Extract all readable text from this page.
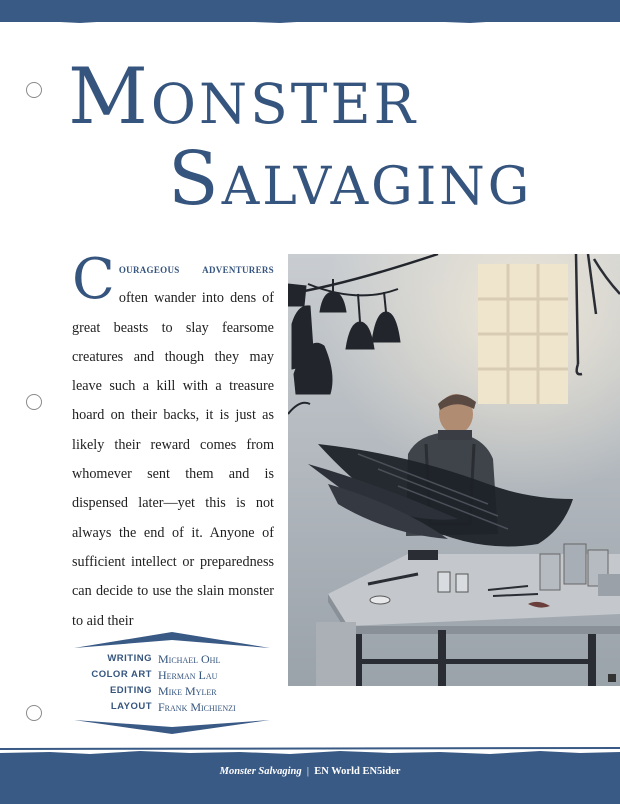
Monster
Salvaging
C ourageous adventurers often wander into dens of great beasts to slay fearsome creatures and though they may leave such a kill with a treasure hoard on their backs, it is just as likely their reward comes from whomever sent them and is dispensed later—yet this is not always the end of it. Anyone of sufficient intellect or preparedness can decide to use the slain monster to aid their
WRITING Michael Ohl
COLOR ART Herman Lau
EDITING Mike Myler
LAYOUT Frank Michienzi
Monster Salvaging | EN World EN5ider
